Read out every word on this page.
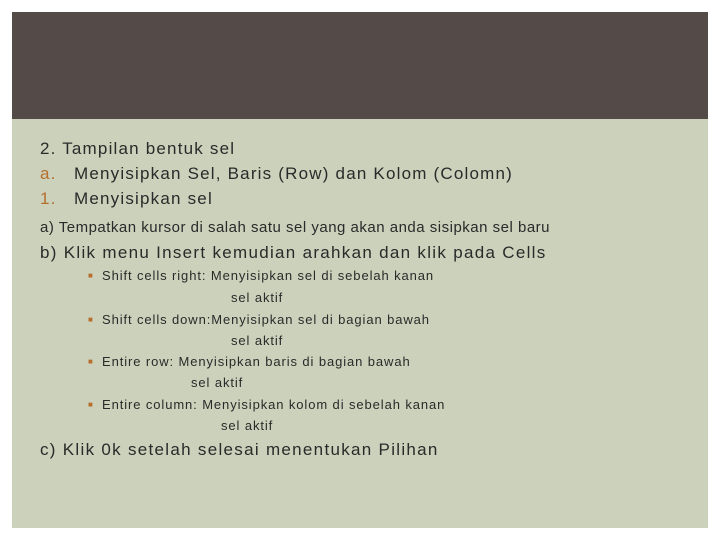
2. Tampilan bentuk sel
a. Menyisipkan Sel, Baris (Row) dan Kolom (Colomn)
1. Menyisipkan sel
a) Tempatkan kursor di salah satu sel yang akan anda sisipkan sel baru
b) Klik menu Insert kemudian arahkan dan klik pada Cells
■ Shift cells right: Menyisipkan sel di sebelah kanan
sel aktif
■ Shift cells down:Menyisipkan sel di bagian bawah
sel aktif
■ Entire row: Menyisipkan baris di bagian bawah
sel aktif
■ Entire column: Menyisipkan kolom di sebelah kanan
sel aktif
c) Klik 0k setelah selesai menentukan Pilihan
